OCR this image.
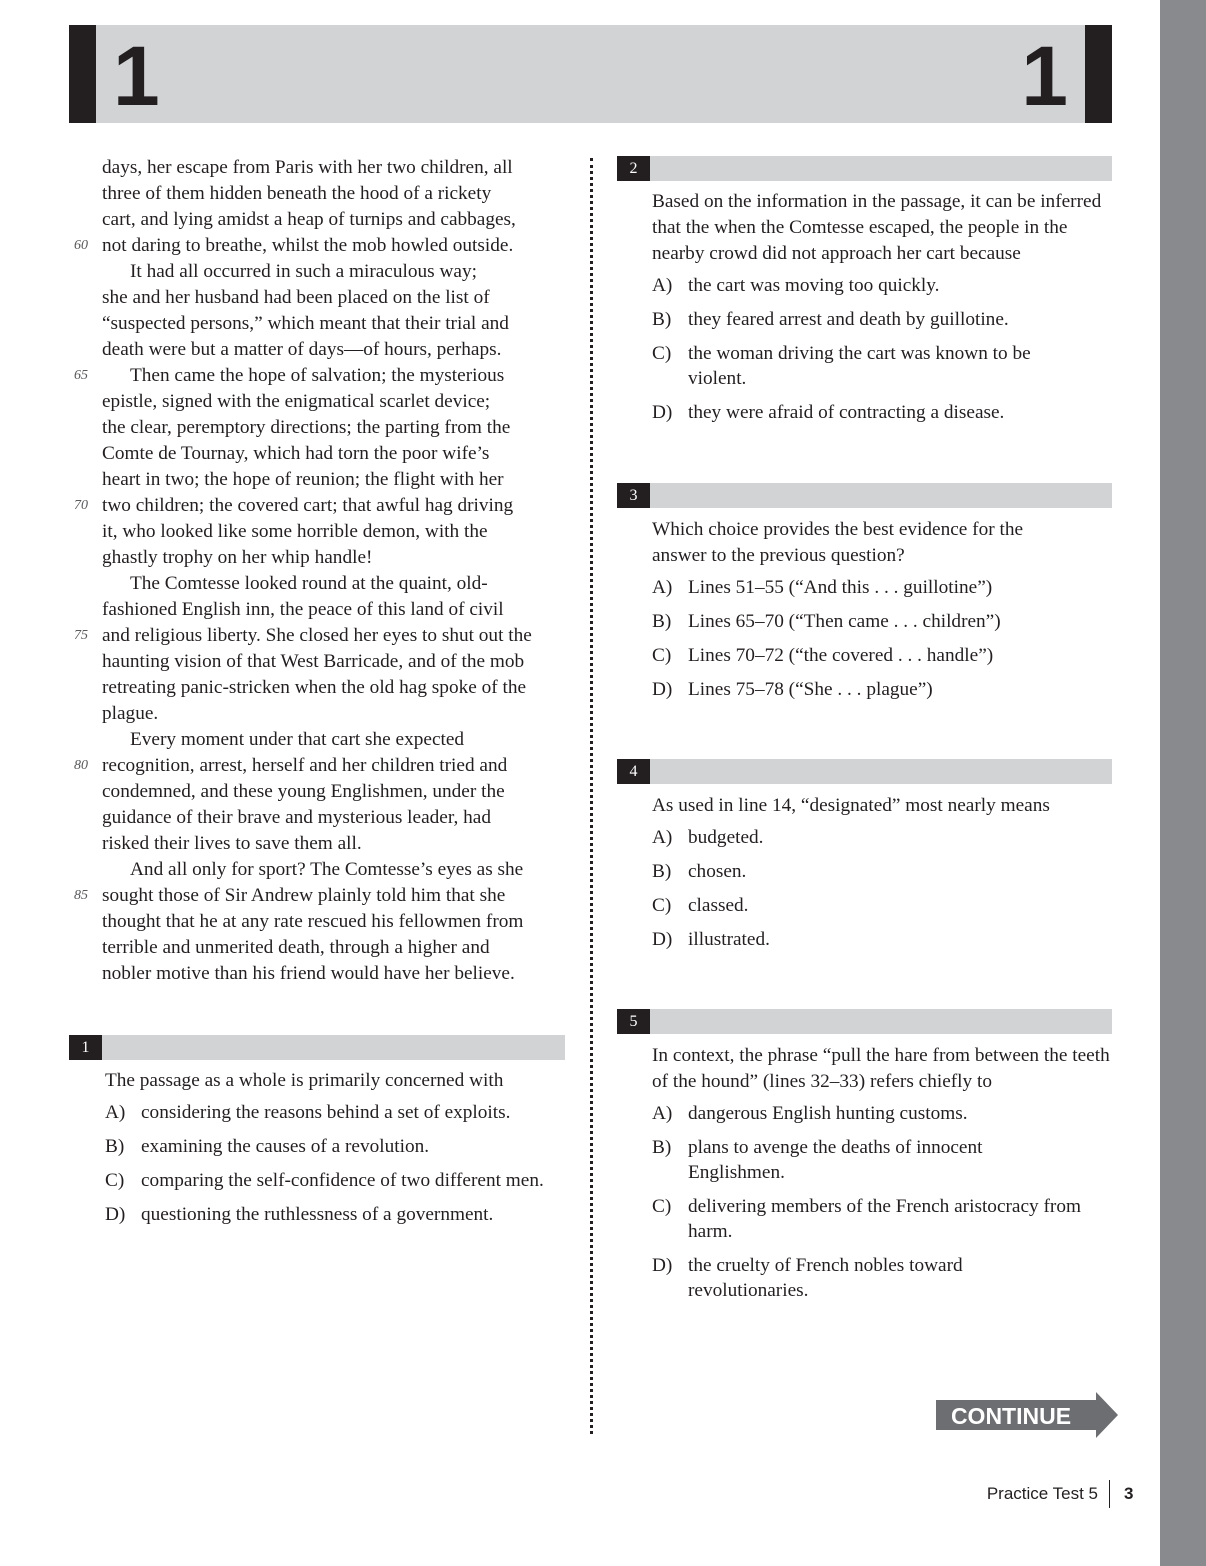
1	1
days, her escape from Paris with her two children, all
three of them hidden beneath the hood of a rickety
cart, and lying amidst a heap of turnips and cabbages,
60 not daring to breathe, whilst the mob howled outside.
It had all occurred in such a miraculous way;
she and her husband had been placed on the list of
“suspected persons,” which meant that their trial and
death were but a matter of days—of hours, perhaps.
65 Then came the hope of salvation; the mysterious
epistle, signed with the enigmatical scarlet device;
the clear, peremptory directions; the parting from the
Comte de Tournay, which had torn the poor wife’s
heart in two; the hope of reunion; the flight with her
70 two children; the covered cart; that awful hag driving
it, who looked like some horrible demon, with the
ghastly trophy on her whip handle!
The Comtesse looked round at the quaint, old-
fashioned English inn, the peace of this land of civil
75 and religious liberty. She closed her eyes to shut out the
haunting vision of that West Barricade, and of the mob
retreating panic-stricken when the old hag spoke of the
plague.
Every moment under that cart she expected
80 recognition, arrest, herself and her children tried and
condemned, and these young Englishmen, under the
guidance of their brave and mysterious leader, had
risked their lives to save them all.
And all only for sport? The Comtesse’s eyes as she
85 sought those of Sir Andrew plainly told him that she
thought that he at any rate rescued his fellowmen from
terrible and unmerited death, through a higher and
nobler motive than his friend would have her believe.
1
The passage as a whole is primarily concerned with
A) considering the reasons behind a set of exploits.
B) examining the causes of a revolution.
C) comparing the self-confidence of two different men.
D) questioning the ruthlessness of a government.
2
Based on the information in the passage, it can be inferred that the when the Comtesse escaped, the people in the nearby crowd did not approach her cart because
A) the cart was moving too quickly.
B) they feared arrest and death by guillotine.
C) the woman driving the cart was known to be violent.
D) they were afraid of contracting a disease.
3
Which choice provides the best evidence for the answer to the previous question?
A) Lines 51–55 (“And this . . . guillotine”)
B) Lines 65–70 (“Then came . . . children”)
C) Lines 70–72 (“the covered . . . handle”)
D) Lines 75–78 (“She . . . plague”)
4
As used in line 14, “designated” most nearly means
A) budgeted.
B) chosen.
C) classed.
D) illustrated.
5
In context, the phrase “pull the hare from between the teeth of the hound” (lines 32–33) refers chiefly to
A) dangerous English hunting customs.
B) plans to avenge the deaths of innocent Englishmen.
C) delivering members of the French aristocracy from harm.
D) the cruelty of French nobles toward revolutionaries.
CONTINUE
Practice Test 5 3
